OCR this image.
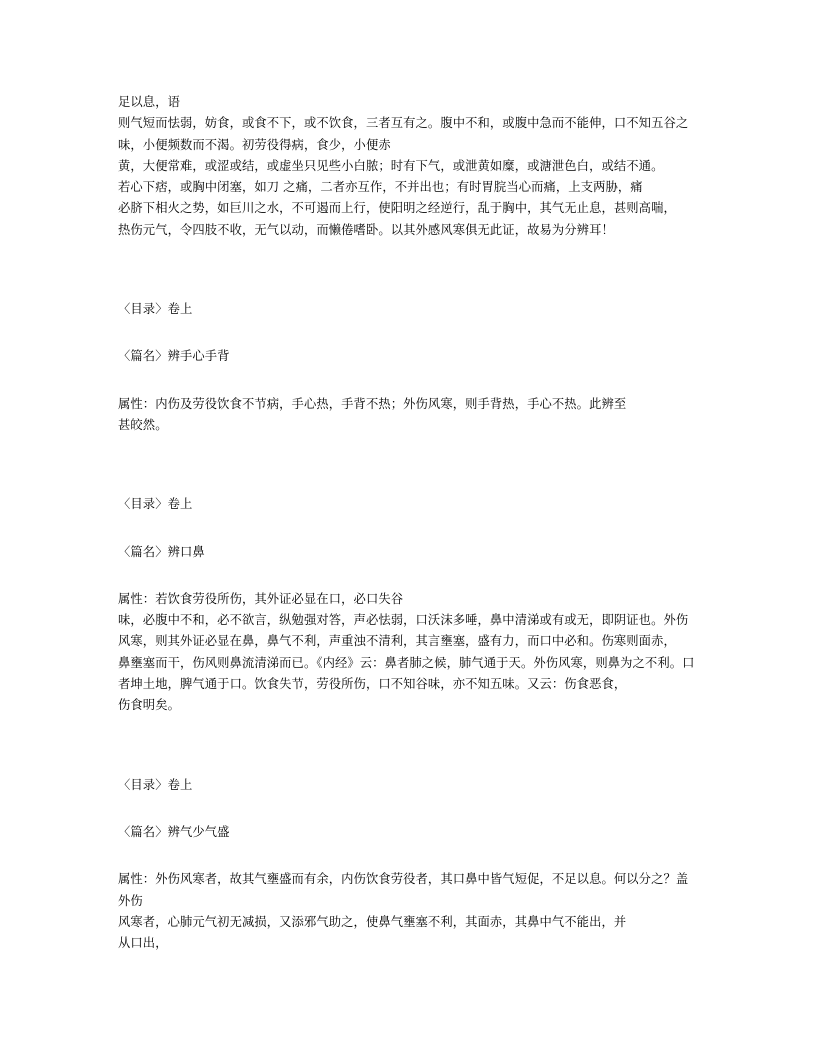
足以息，语
则气短而怯弱，妨食，或食不下，或不饮食，三者互有之。腹中不和，或腹中急而不能伸，口不知五谷之
味，小便频数而不渴。初劳役得病，食少，小便赤
黄，大便常难，或涩或结，或虚坐只见些小白脓；时有下气，或泄黄如糜，或溏泄色白，或结不通。
若心下痞，或胸中闭塞，如刀 之痛，二者亦互作，不并出也；有时胃脘当心而痛，上支两胁，痛
必脐下相火之势，如巨川之水，不可遏而上行，使阳明之经逆行，乱于胸中，其气无止息，甚则高喘，
热伤元气，令四肢不收，无气以动，而懒倦嗜卧。以其外感风寒俱无此证，故易为分辨耳！
〈目录〉卷上
〈篇名〉辨手心手背
属性：内伤及劳役饮食不节病，手心热，手背不热；外伤风寒，则手背热，手心不热。此辨至
甚皎然。
〈目录〉卷上
〈篇名〉辨口鼻
属性：若饮食劳役所伤，其外证必显在口，必口失谷
味，必腹中不和，必不欲言，纵勉强对答，声必怯弱，口沃沫多唾，鼻中清涕或有或无，即阴证也。外伤
风寒，则其外证必显在鼻，鼻气不利，声重浊不清利，其言壅塞，盛有力，而口中必和。伤寒则面赤，
鼻壅塞而干，伤风则鼻流清涕而已。《内经》云：鼻者肺之候，肺气通于天。外伤风寒，则鼻为之不利。口
者坤土地，脾气通于口。饮食失节，劳役所伤，口不知谷味，亦不知五味。又云：伤食恶食，
伤食明矣。
〈目录〉卷上
〈篇名〉辨气少气盛
属性：外伤风寒者，故其气壅盛而有余，内伤饮食劳役者，其口鼻中皆气短促，不足以息。何以分之？盖外伤
风寒者，心肺元气初无减损，又添邪气助之，使鼻气壅塞不利，其面赤，其鼻中气不能出，并
从口出，
